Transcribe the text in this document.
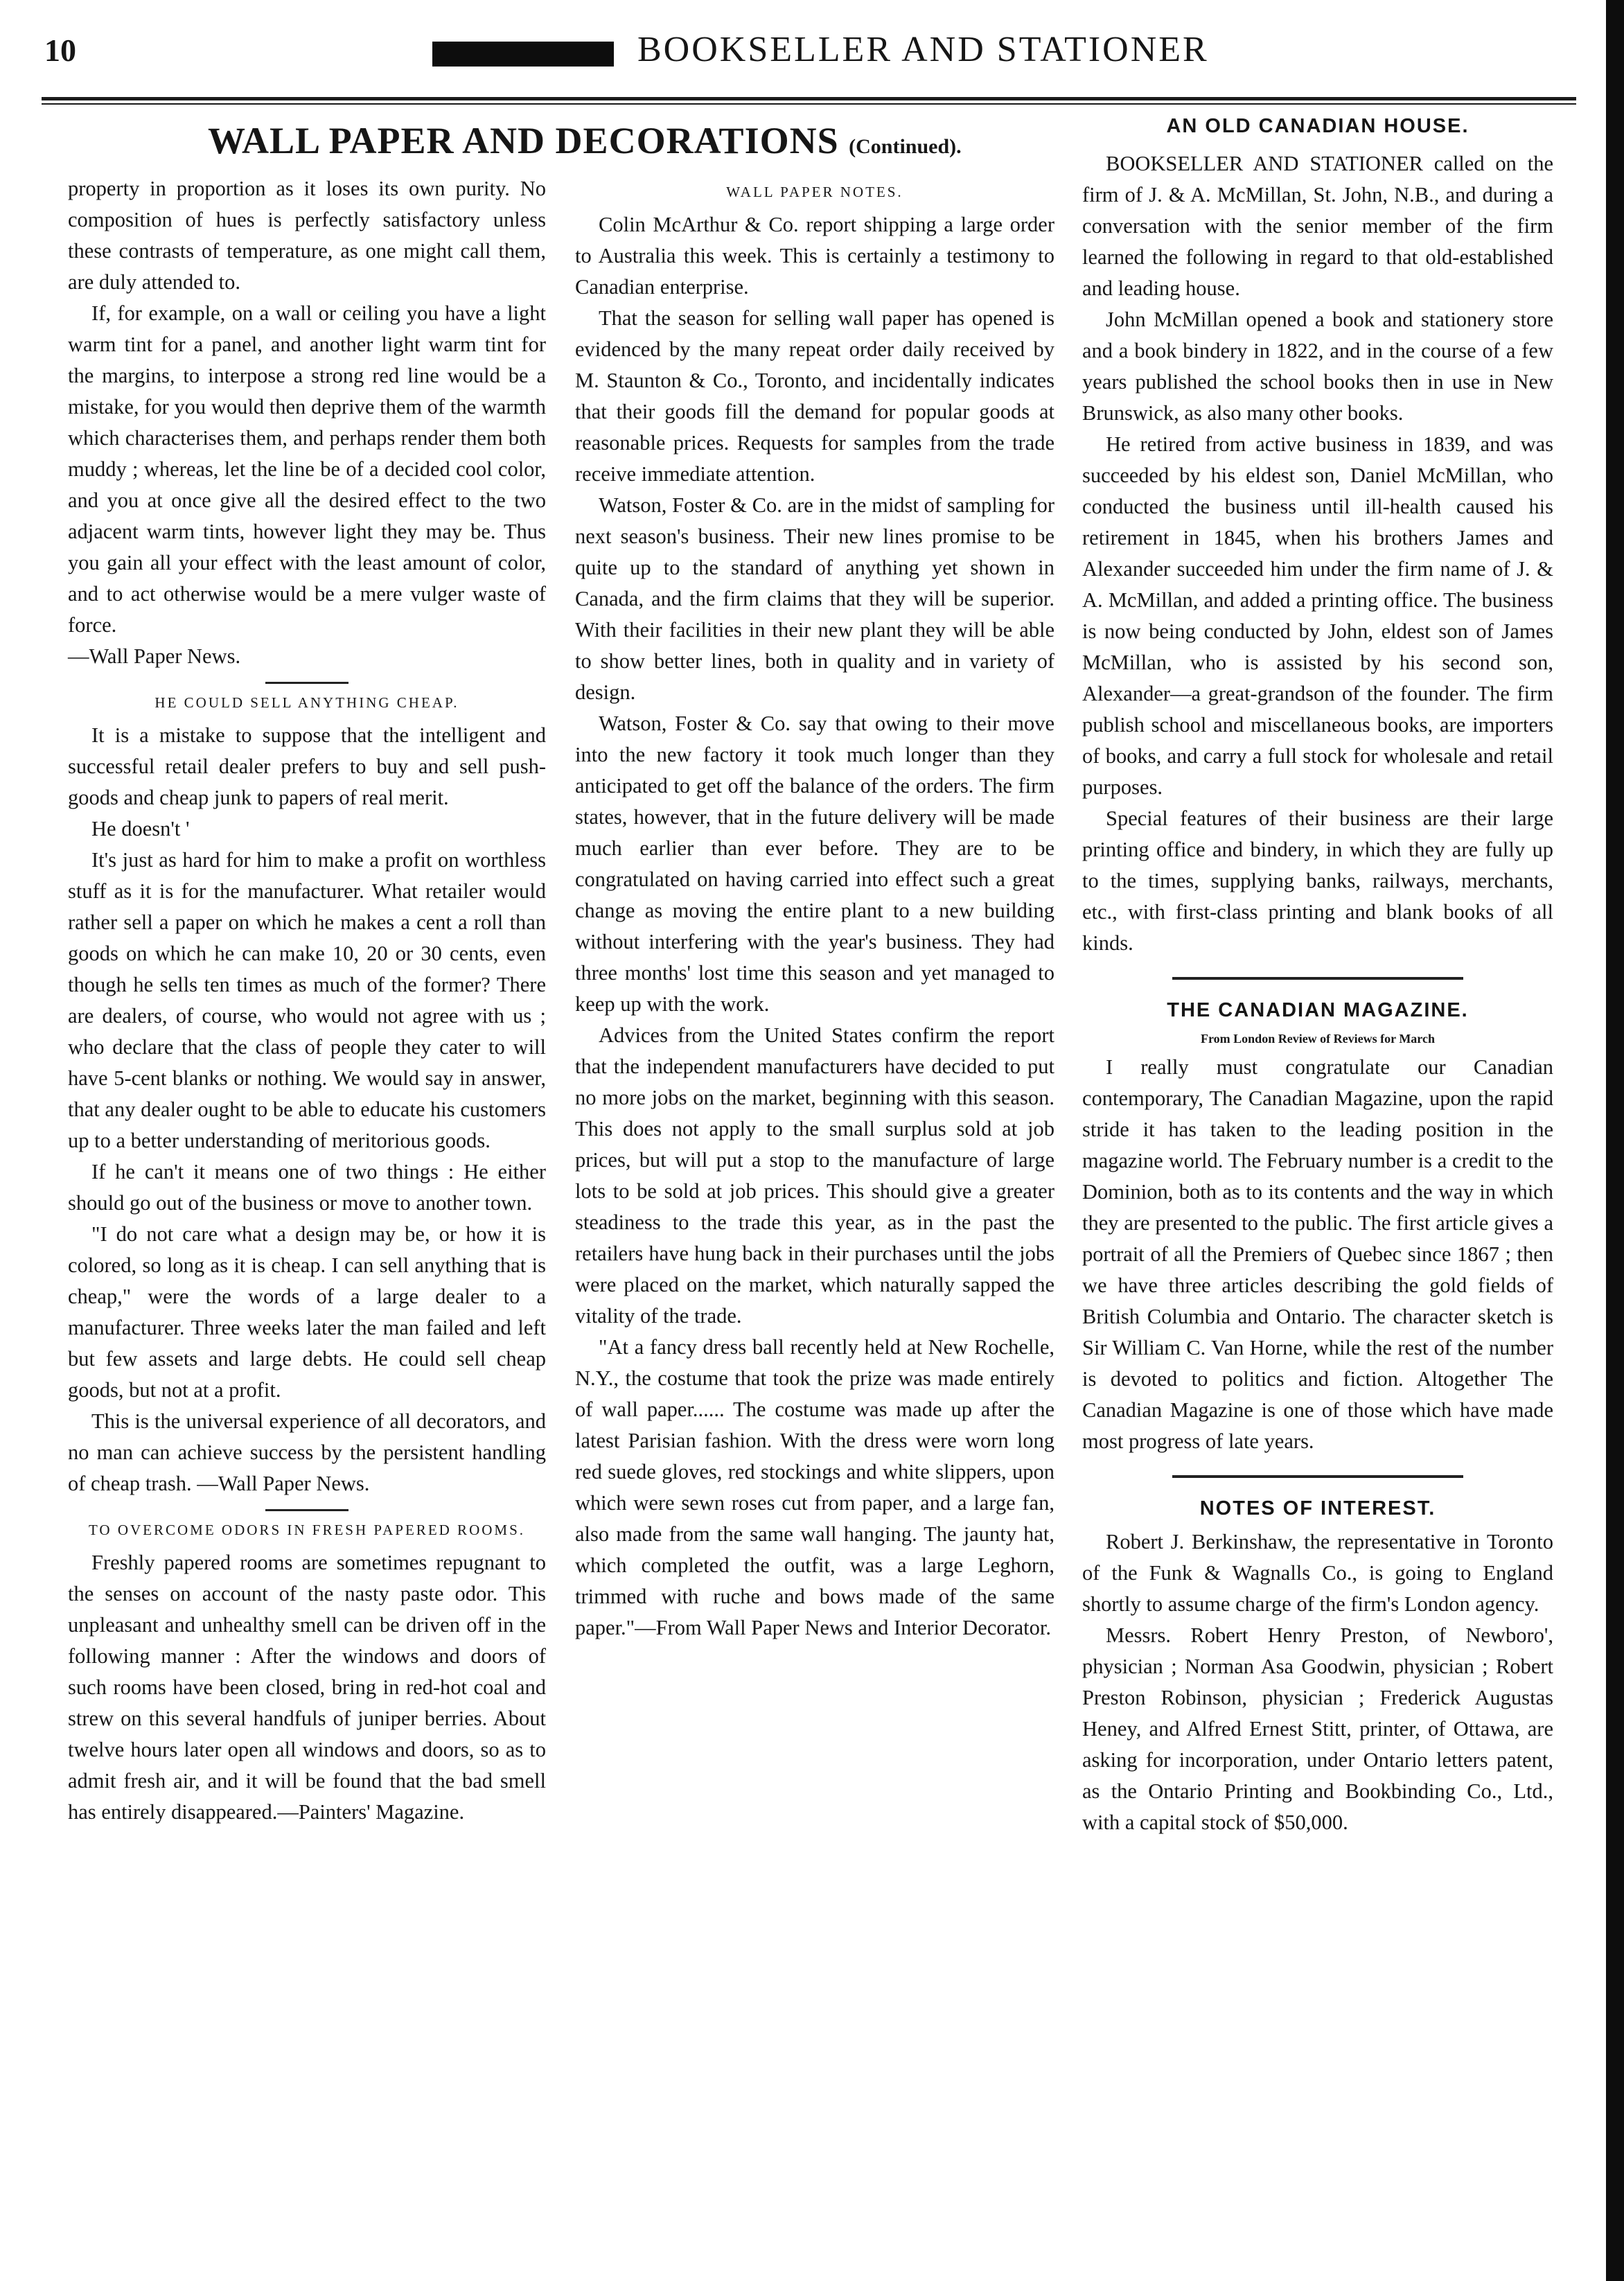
10	BOOKSELLER AND STATIONER
WALL PAPER AND DECORATIONS (Continued).

property in proportion as it loses its own purity. No composition of hues is perfectly satisfactory unless these contrasts of temperature, as one might call them, are duly attended to.

If, for example, on a wall or ceiling you have a light warm tint for a panel, and another light warm tint for the margins, to interpose a strong red line would be a mistake, for you would then deprive them of the warmth which characterises them, and perhaps render them both muddy ; whereas, let the line be of a decided cool color, and you at once give all the desired effect to the two adjacent warm tints, however light they may be. Thus you gain all your effect with the least amount of color, and to act otherwise would be a mere vulger waste of force.

—Wall Paper News.

HE COULD SELL ANYTHING CHEAP.

It is a mistake to suppose that the intelligent and successful retail dealer prefers to buy and sell push-goods and cheap junk to papers of real merit.

He doesn't '

It's just as hard for him to make a profit on worthless stuff as it is for the manufacturer. What retailer would rather sell a paper on which he makes a cent a roll than goods on which he can make 10, 20 or 30 cents, even though he sells ten times as much of the former? There are dealers, of course, who would not agree with us ; who declare that the class of people they cater to will have 5-cent blanks or nothing. We would say in answer, that any dealer ought to be able to educate his customers up to a better understanding of meritorious goods.

If he can't it means one of two things : He either should go out of the business or move to another town.

"I do not care what a design may be, or how it is colored, so long as it is cheap. I can sell anything that is cheap," were the words of a large dealer to a manufacturer. Three weeks later the man failed and left but few assets and large debts. He could sell cheap goods, but not at a profit.

This is the universal experience of all decorators, and no man can achieve success by the persistent handling of cheap trash. —Wall Paper News.

TO OVERCOME ODORS IN FRESH PAPERED ROOMS.

Freshly papered rooms are sometimes repugnant to the senses on account of the nasty paste odor. This unpleasant and unhealthy smell can be driven off in the following manner : After the windows and doors of such rooms have been closed, bring in red-hot coal and strew on this several handfuls of juniper berries. About twelve hours later open all windows and doors, so as to admit fresh air, and it will be found that the bad smell has entirely disappeared.—Painters' Magazine.

WALL PAPER NOTES.

Colin McArthur & Co. report shipping a large order to Australia this week. This is certainly a testimony to Canadian enterprise.

That the season for selling wall paper has opened is evidenced by the many repeat order daily received by M. Staunton & Co., Toronto, and incidentally indicates that their goods fill the demand for popular goods at reasonable prices. Requests for samples from the trade receive immediate attention.

Watson, Foster & Co. are in the midst of sampling for next season's business. Their new lines promise to be quite up to the standard of anything yet shown in Canada, and the firm claims that they will be superior. With their facilities in their new plant they will be able to show better lines, both in quality and in variety of design.

Watson, Foster & Co. say that owing to their move into the new factory it took much longer than they anticipated to get off the balance of the orders. The firm states, however, that in the future delivery will be made much earlier than ever before. They are to be congratulated on having carried into effect such a great change as moving the entire plant to a new building without interfering with the year's business. They had three months' lost time this season and yet managed to keep up with the work.

Advices from the United States confirm the report that the independent manufacturers have decided to put no more jobs on the market, beginning with this season. This does not apply to the small surplus sold at job prices, but will put a stop to the manufacture of large lots to be sold at job prices. This should give a greater steadiness to the trade this year, as in the past the retailers have hung back in their purchases until the jobs were placed on the market, which naturally sapped the vitality of the trade.

"At a fancy dress ball recently held at New Rochelle, N.Y., the costume that took the prize was made entirely of wall paper...... The costume was made up after the latest Parisian fashion. With the dress were worn long red suede gloves, red stockings and white slippers, upon which were sewn roses cut from paper, and a large fan, also made from the same wall hanging. The jaunty hat, which completed the outfit, was a large Leghorn, trimmed with ruche and bows made of the same paper."—From Wall Paper News and Interior Decorator.

AN OLD CANADIAN HOUSE.

BOOKSELLER AND STATIONER called on the firm of J. & A. McMillan, St. John, N.B., and during a conversation with the senior member of the firm learned the following in regard to that old-established and leading house.

John McMillan opened a book and stationery store and a book bindery in 1822, and in the course of a few years published the school books then in use in New Brunswick, as also many other books.

He retired from active business in 1839, and was succeeded by his eldest son, Daniel McMillan, who conducted the business until ill-health caused his retirement in 1845, when his brothers James and Alexander succeeded him under the firm name of J. & A. McMillan, and added a printing office. The business is now being conducted by John, eldest son of James McMillan, who is assisted by his second son, Alexander—a great-grandson of the founder. The firm publish school and miscellaneous books, are importers of books, and carry a full stock for wholesale and retail purposes.

Special features of their business are their large printing office and bindery, in which they are fully up to the times, supplying banks, railways, merchants, etc., with first-class printing and blank books of all kinds.

THE CANADIAN MAGAZINE.
From London Review of Reviews for March

I really must congratulate our Canadian contemporary, The Canadian Magazine, upon the rapid stride it has taken to the leading position in the magazine world. The February number is a credit to the Dominion, both as to its contents and the way in which they are presented to the public. The first article gives a portrait of all the Premiers of Quebec since 1867 ; then we have three articles describing the gold fields of British Columbia and Ontario. The character sketch is Sir William C. Van Horne, while the rest of the number is devoted to politics and fiction. Altogether The Canadian Magazine is one of those which have made most progress of late years.

NOTES OF INTEREST.

Robert J. Berkinshaw, the representative in Toronto of the Funk & Wagnalls Co., is going to England shortly to assume charge of the firm's London agency.

Messrs. Robert Henry Preston, of Newboro', physician ; Norman Asa Goodwin, physician ; Robert Preston Robinson, physician ; Frederick Augustas Heney, and Alfred Ernest Stitt, printer, of Ottawa, are asking for incorporation, under Ontario letters patent, as the Ontario Printing and Bookbinding Co., Ltd., with a capital stock of $50,000.
